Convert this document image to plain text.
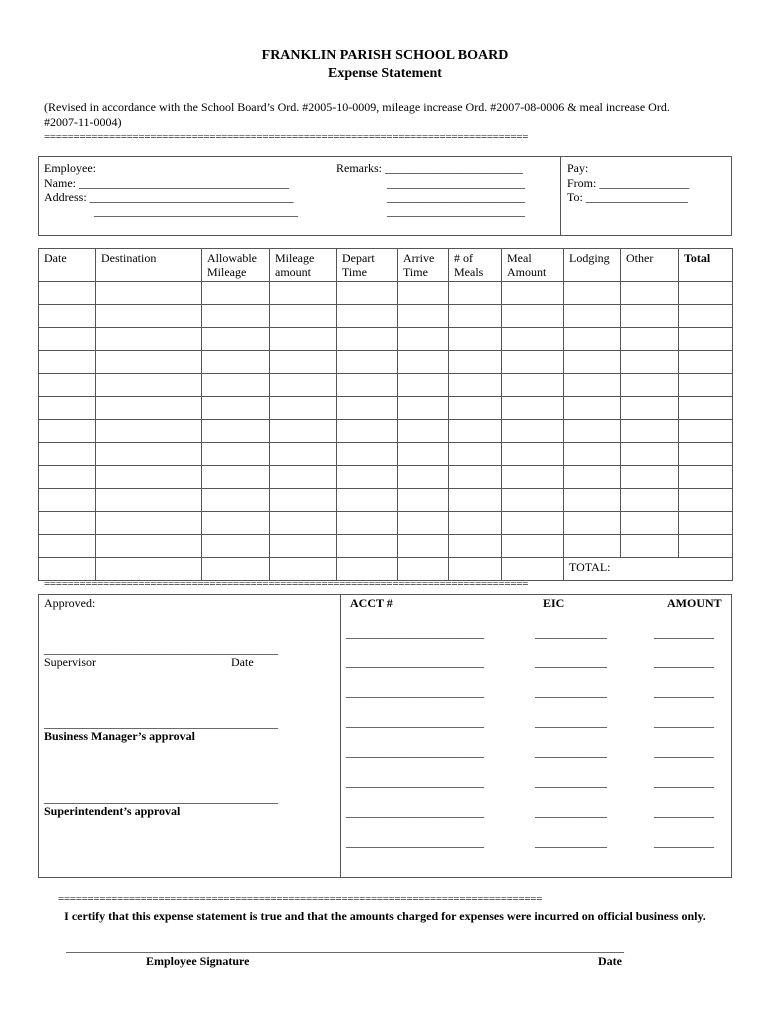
FRANKLIN PARISH SCHOOL BOARD
Expense Statement
(Revised in accordance with the School Board’s Ord. #2005-10-0009, mileage increase Ord. #2007-08-0006 & meal increase Ord.
#2007-11-0004)
==================================================================================
Employee:
Name: ___________________________________
Address: __________________________________
__________________________________
Remarks: _______________________
_______________________
_______________________
_______________________
Pay:
From: _______________
To: _________________
Date	Destination	Allowable Mileage	Mileage amount	Depart Time	Arrive Time	# of Meals	Meal Amount	Lodging	Other	Total

								TOTAL:		
==================================================================================
Approved:
_______________________________________
Supervisor	Date
_______________________________________
Business Manager’s approval
_______________________________________
Superintendent’s approval
ACCT #	EIC	AMOUNT
_______________________	____________	__________
_______________________	____________	__________
_______________________	____________	__________
_______________________	____________	__________
_______________________	____________	__________
_______________________	____________	__________
_______________________	____________	__________
_______________________	____________	__________
==================================================================================
I certify that this expense statement is true and that the amounts charged for expenses were incurred on official business only.
_____________________________________________________________________________________________
Employee Signature	Date
